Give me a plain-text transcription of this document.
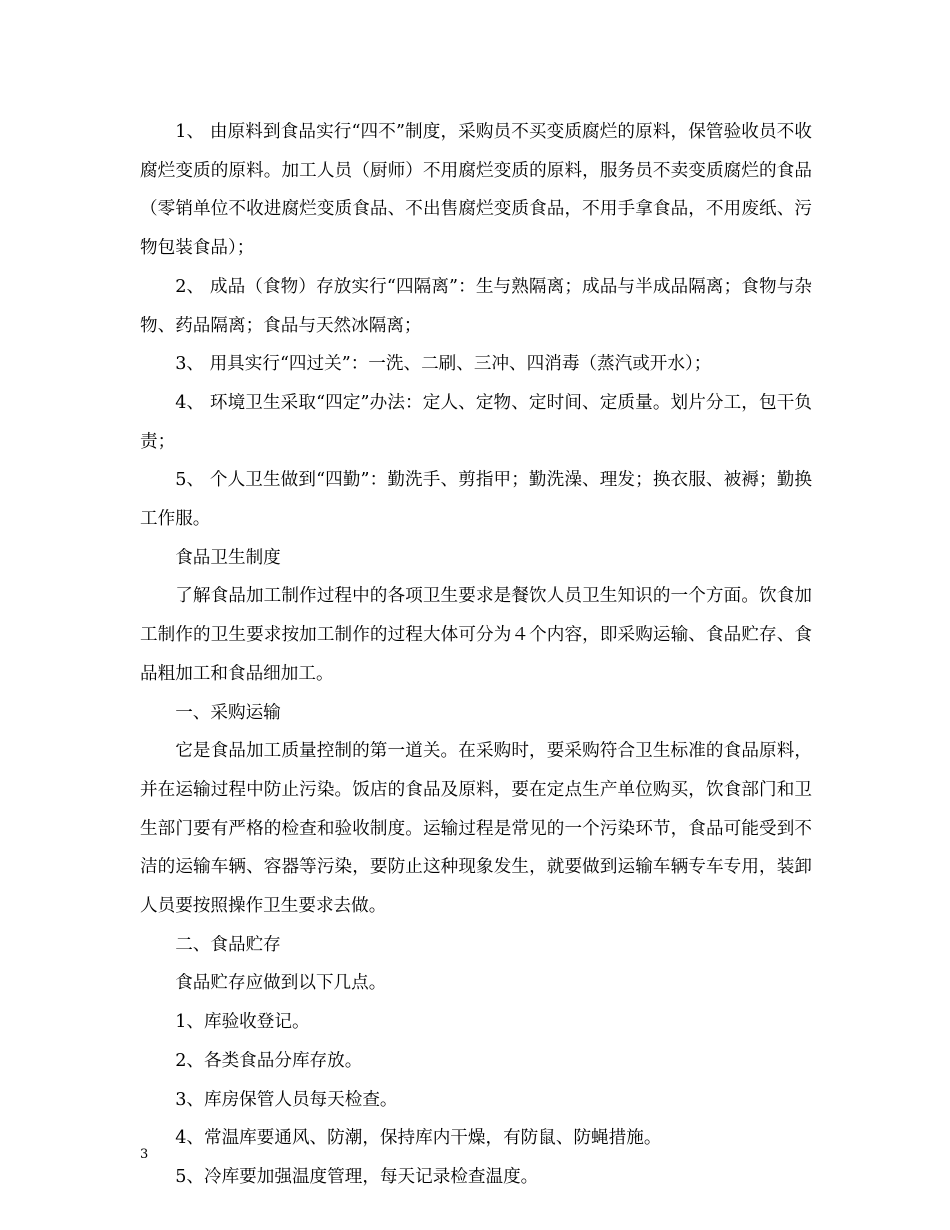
1、 由原料到食品实行“四不”制度，采购员不买变质腐烂的原料，保管验收员不收腐烂变质的原料。加工人员（厨师）不用腐烂变质的原料，服务员不卖变质腐烂的食品（零销单位不收进腐烂变质食品、不出售腐烂变质食品，不用手拿食品，不用废纸、污物包装食品）；

2、 成品（食物）存放实行“四隔离”：生与熟隔离；成品与半成品隔离；食物与杂物、药品隔离；食品与天然冰隔离；

3、 用具实行“四过关”：一洗、二刷、三冲、四消毒（蒸汽或开水）；

4、 环境卫生采取“四定”办法：定人、定物、定时间、定质量。划片分工，包干负责；

5、 个人卫生做到“四勤”：勤洗手、剪指甲；勤洗澡、理发；换衣服、被褥；勤换工作服。

食品卫生制度

了解食品加工制作过程中的各项卫生要求是餐饮人员卫生知识的一个方面。饮食加工制作的卫生要求按加工制作的过程大体可分为４个内容，即采购运输、食品贮存、食品粗加工和食品细加工。

一、采购运输

它是食品加工质量控制的第一道关。在采购时，要采购符合卫生标准的食品原料，并在运输过程中防止污染。饭店的食品及原料，要在定点生产单位购买，饮食部门和卫生部门要有严格的检查和验收制度。运输过程是常见的一个污染环节，食品可能受到不洁的运输车辆、容器等污染，要防止这种现象发生，就要做到运输车辆专车专用，装卸人员要按照操作卫生要求去做。

二、食品贮存

食品贮存应做到以下几点。

1、库验收登记。

2、各类食品分库存放。

3、库房保管人员每天检查。

4、常温库要通风、防潮，保持库内干燥，有防鼠、防蝇措施。

5、冷库要加强温度管理，每天记录检查温度。

3
